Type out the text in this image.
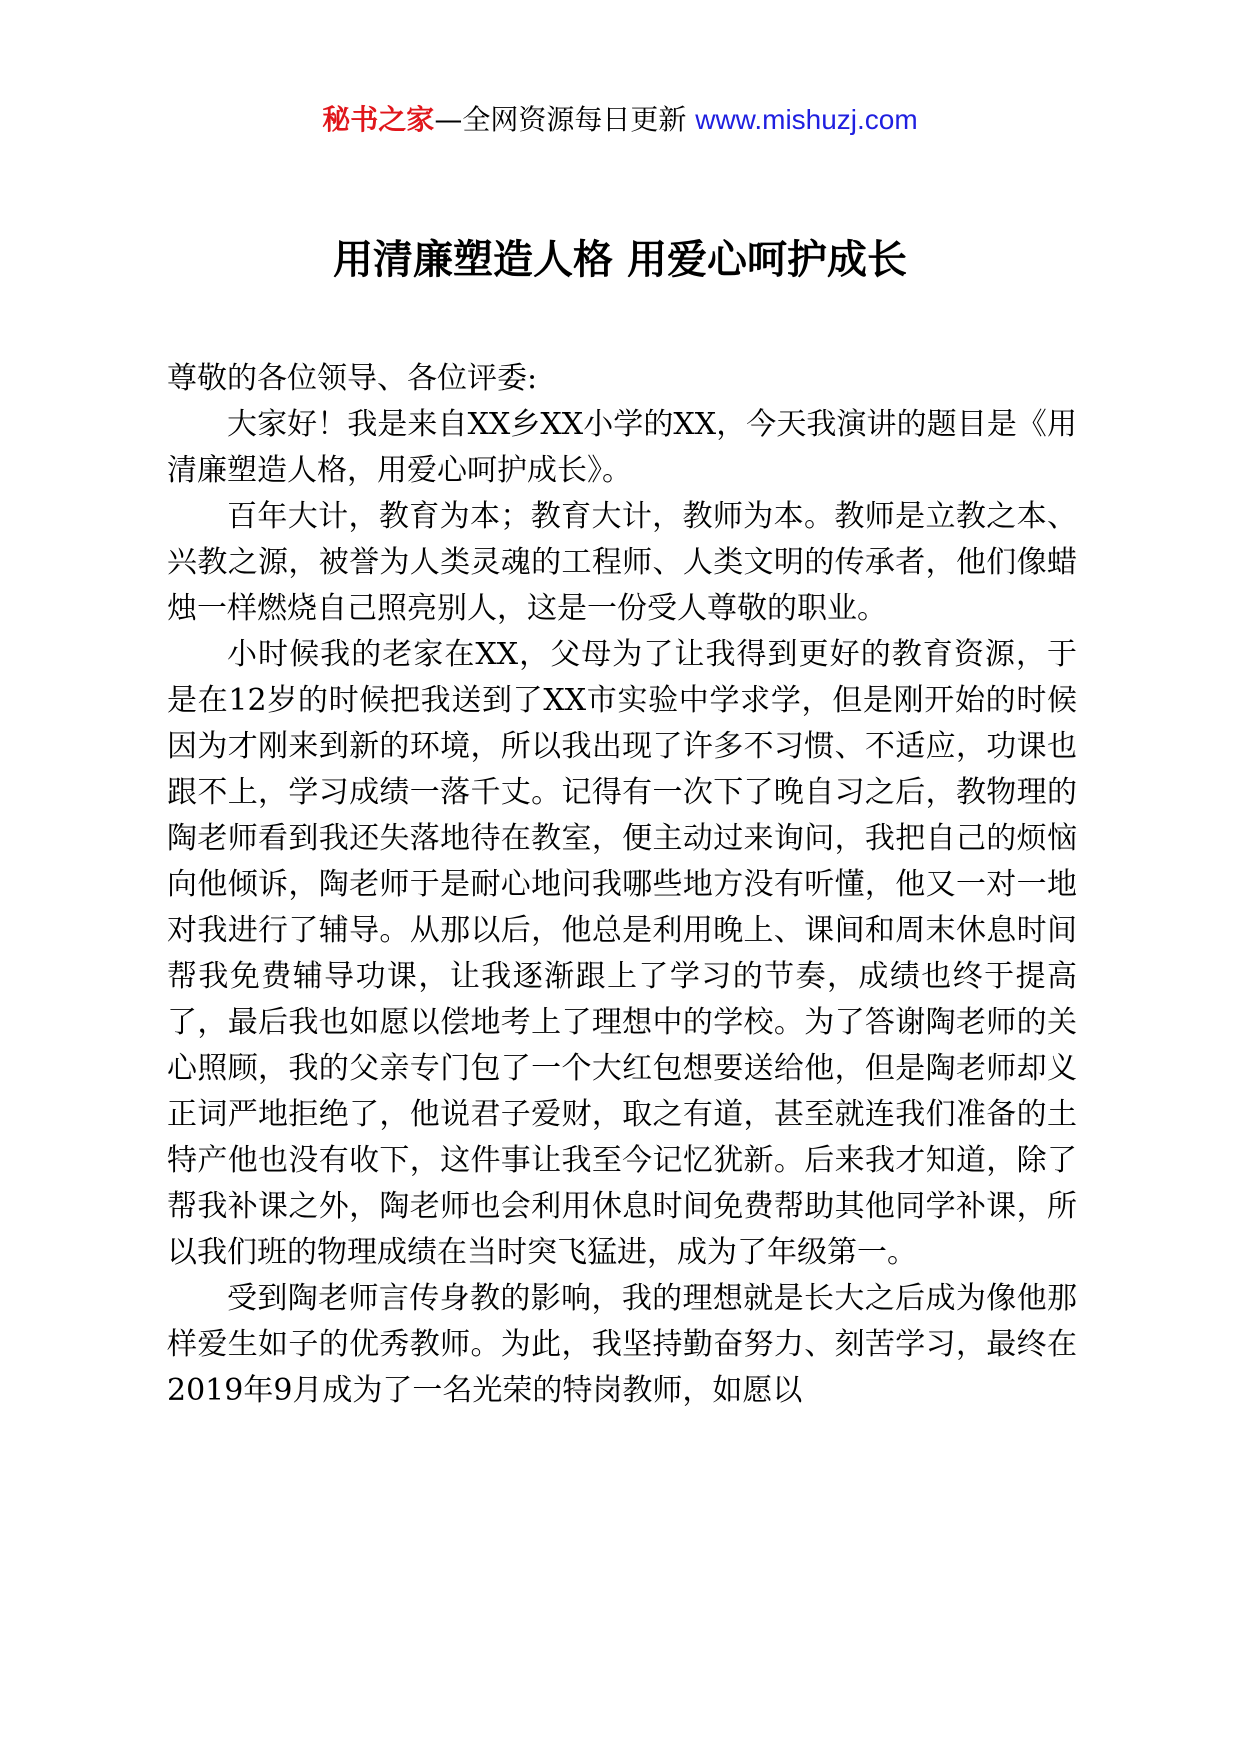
秘书之家—全网资源每日更新 www.mishuzj.com
用清廉塑造人格 用爱心呵护成长

尊敬的各位领导、各位评委:

大家好！我是来自XX乡XX小学的XX，今天我演讲的题目是《用清廉塑造人格，用爱心呵护成长》。

百年大计，教育为本；教育大计，教师为本。教师是立教之本、兴教之源，被誉为人类灵魂的工程师、人类文明的传承者，他们像蜡烛一样燃烧自己照亮别人，这是一份受人尊敬的职业。

小时候我的老家在XX，父母为了让我得到更好的教育资源，于是在12岁的时候把我送到了XX市实验中学求学，但是刚开始的时候因为才刚来到新的环境，所以我出现了许多不习惯、不适应，功课也跟不上，学习成绩一落千丈。记得有一次下了晚自习之后，教物理的陶老师看到我还失落地待在教室，便主动过来询问，我把自己的烦恼向他倾诉，陶老师于是耐心地问我哪些地方没有听懂，他又一对一地对我进行了辅导。从那以后，他总是利用晚上、课间和周末休息时间帮我免费辅导功课，让我逐渐跟上了学习的节奏，成绩也终于提高了，最后我也如愿以偿地考上了理想中的学校。为了答谢陶老师的关心照顾，我的父亲专门包了一个大红包想要送给他，但是陶老师却义正词严地拒绝了，他说君子爱财，取之有道，甚至就连我们准备的土特产他也没有收下，这件事让我至今记忆犹新。后来我才知道，除了帮我补课之外，陶老师也会利用休息时间免费帮助其他同学补课，所以我们班的物理成绩在当时突飞猛进，成为了年级第一。

受到陶老师言传身教的影响，我的理想就是长大之后成为像他那样爱生如子的优秀教师。为此，我坚持勤奋努力、刻苦学习，最终在2019年9月成为了一名光荣的特岗教师，如愿以
